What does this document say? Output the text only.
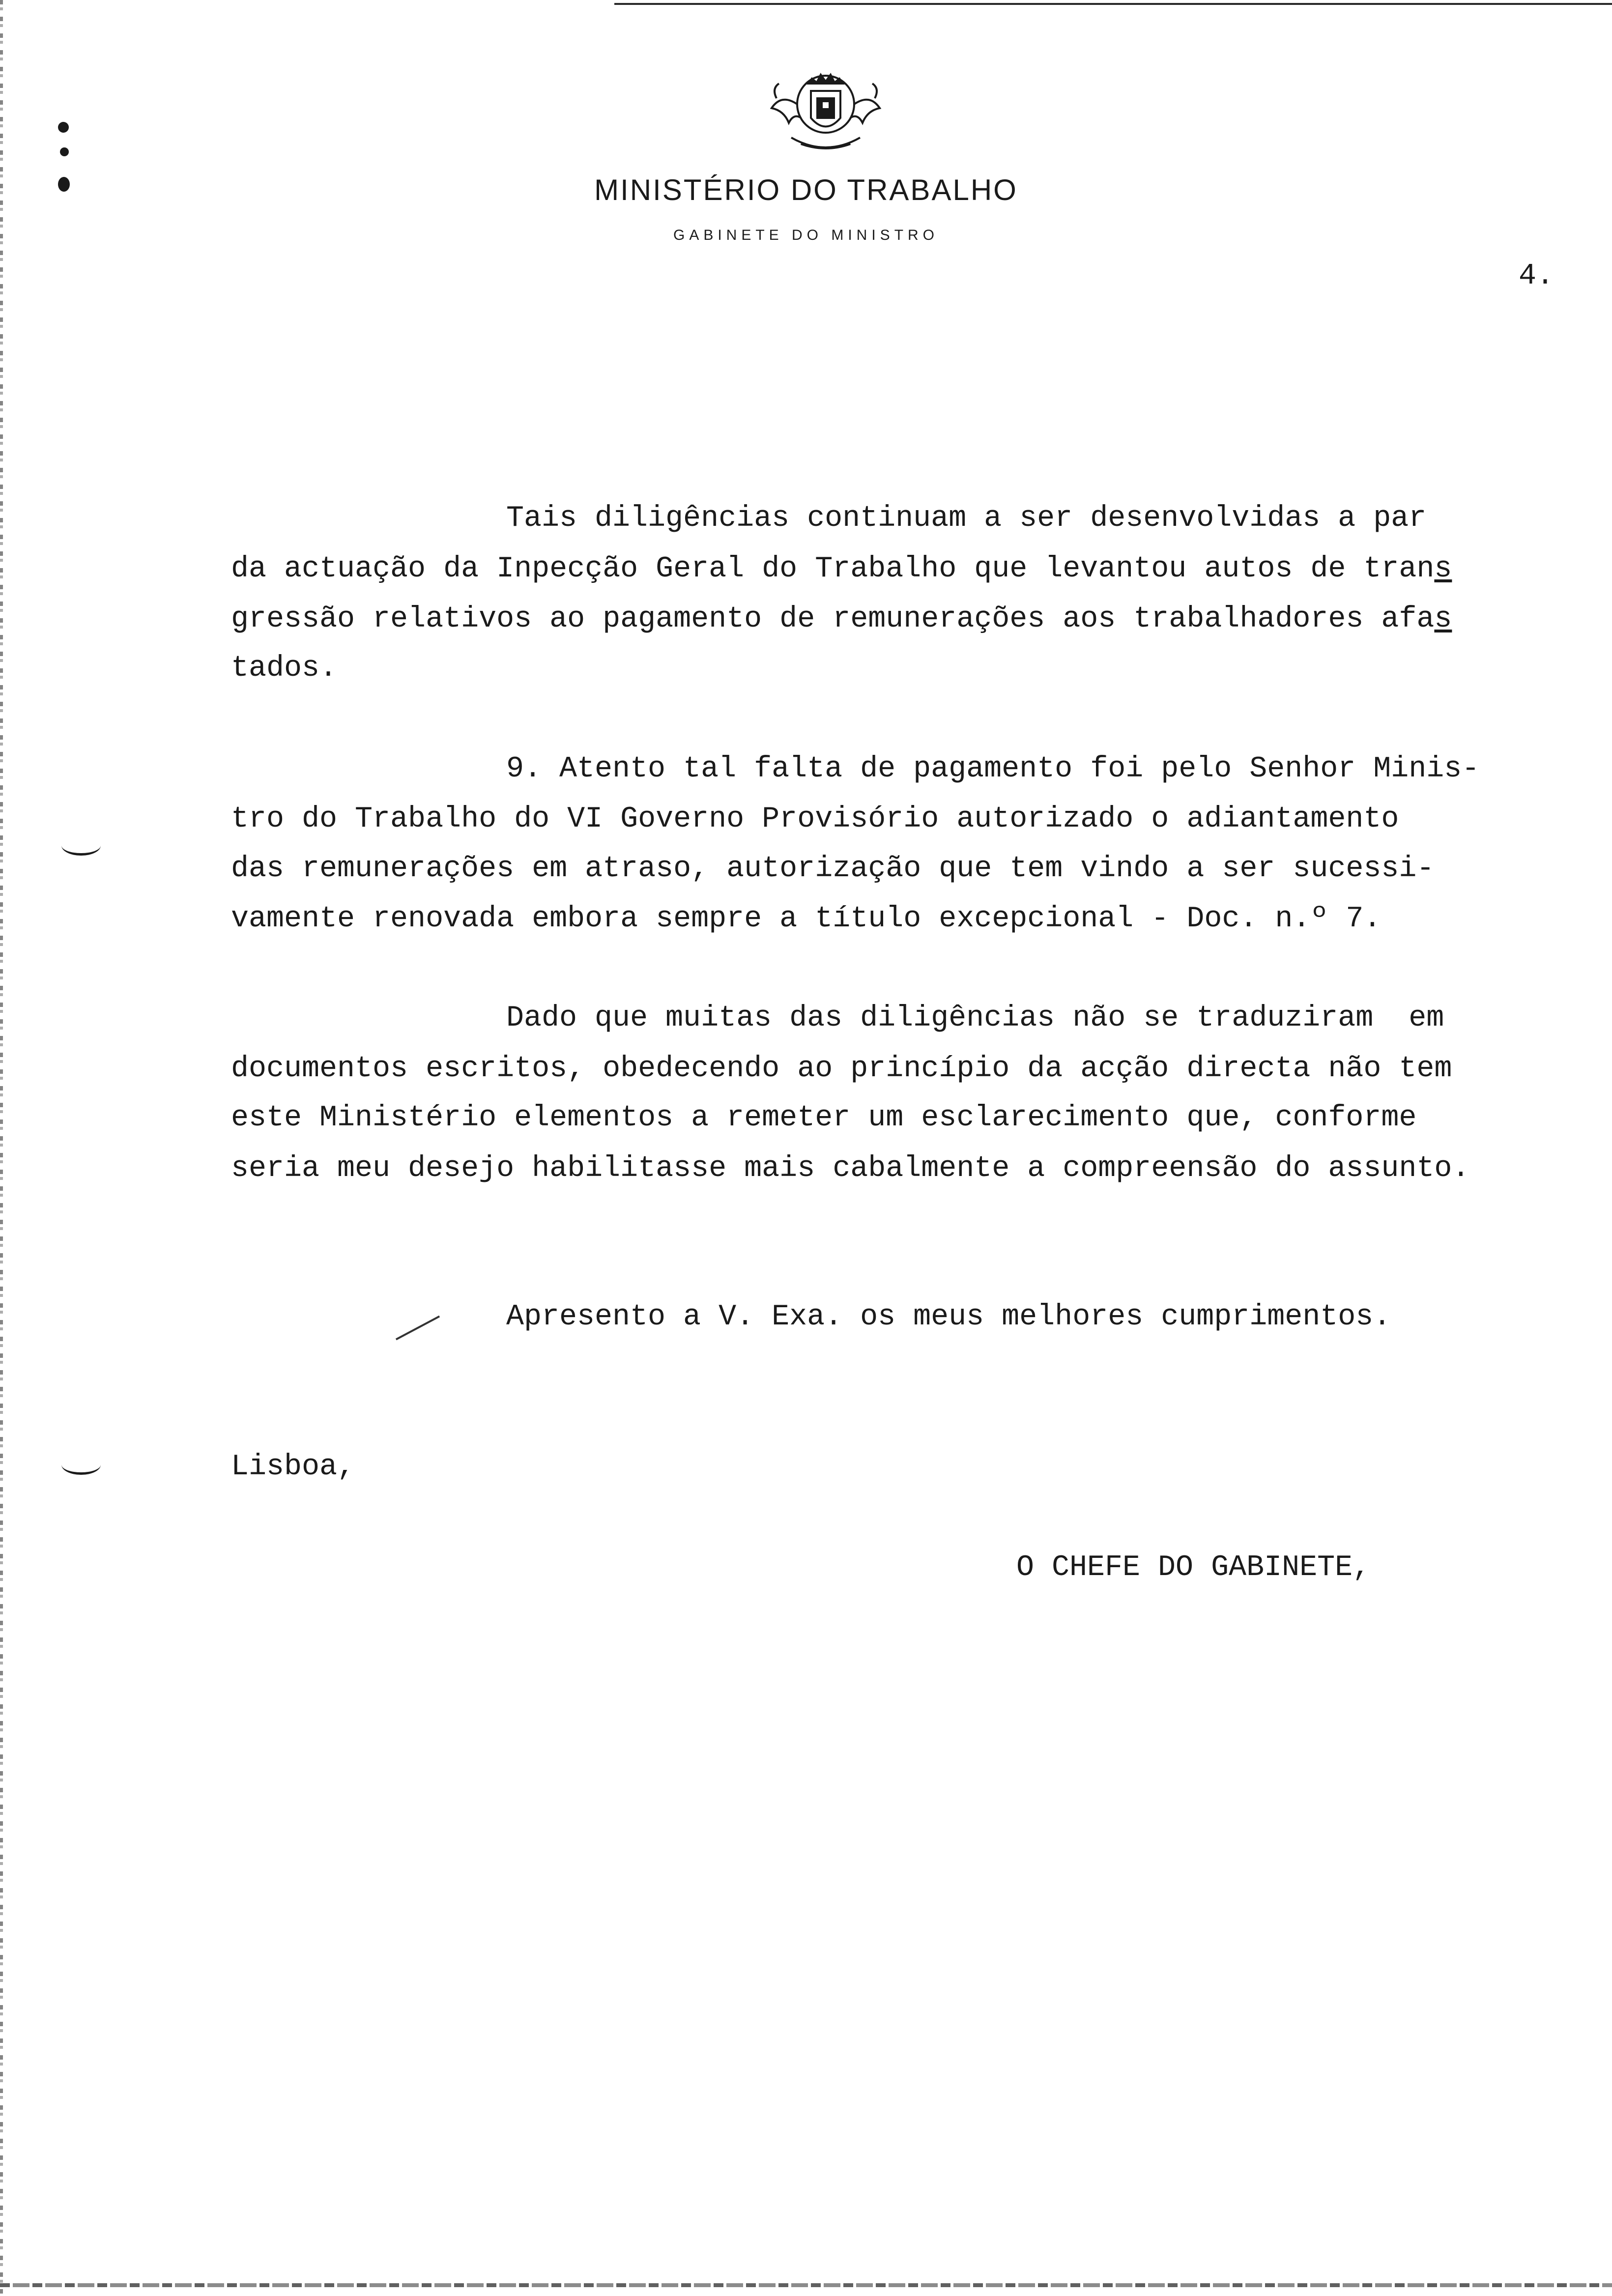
MINISTÉRIO DO TRABALHO
GABINETE DO MINISTRO
4.
Tais diligências continuam a ser desenvolvidas a par
da actuação da Inpecção Geral do Trabalho que levantou autos de trans
gressão relativos ao pagamento de remunerações aos trabalhadores afas
tados.
9. Atento tal falta de pagamento foi pelo Senhor Minis-
tro do Trabalho do VI Governo Provisório autorizado o adiantamento
das remunerações em atraso, autorização que tem vindo a ser sucessi-
vamente renovada embora sempre a título excepcional - Doc. n.º 7.
Dado que muitas das diligências não se traduziram  em
documentos escritos, obedecendo ao princípio da acção directa não tem
este Ministério elementos a remeter um esclarecimento que, conforme
seria meu desejo habilitasse mais cabalmente a compreensão do assunto.
Apresento a V. Exa. os meus melhores cumprimentos.
Lisboa,
O CHEFE DO GABINETE,
